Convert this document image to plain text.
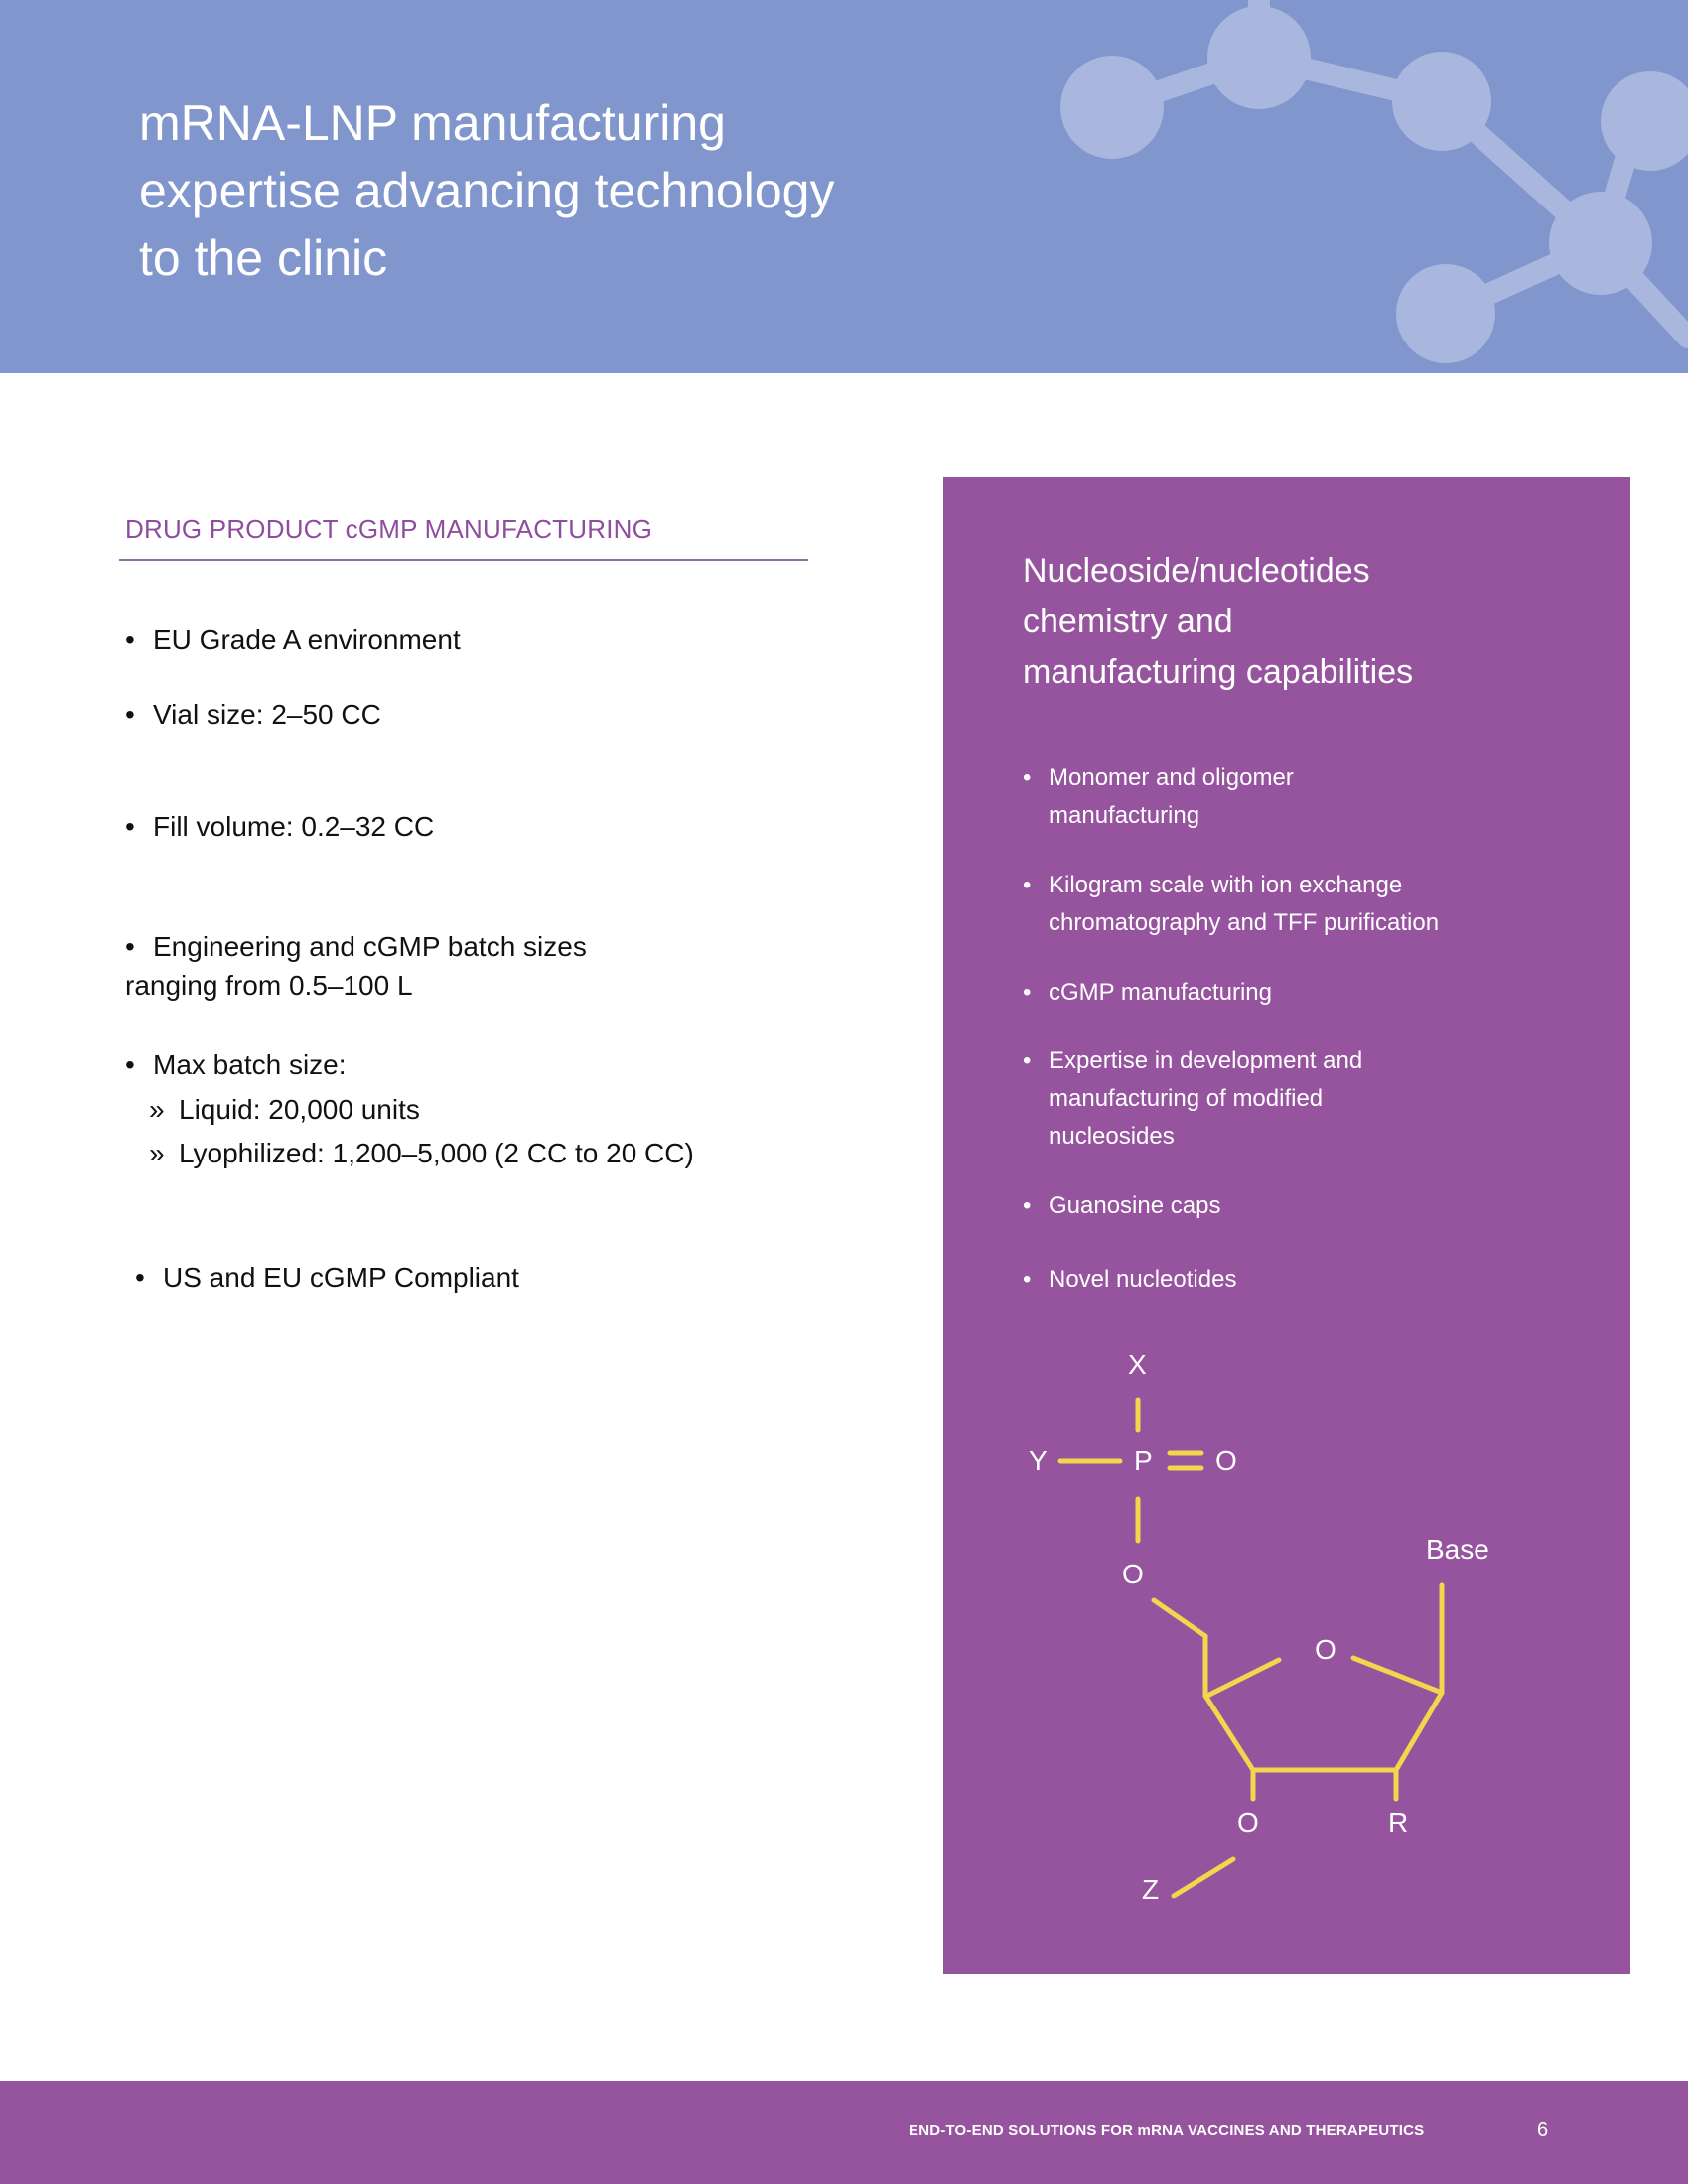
mRNA-LNP manufacturing
expertise advancing technology
to the clinic
DRUG PRODUCT cGMP MANUFACTURING
• EU Grade A environment
• Vial size: 2–50 CC
• Fill volume: 0.2–32 CC
• Engineering and cGMP batch sizes
ranging from 0.5–100 L
• Max batch size:
» Liquid: 20,000 units
» Lyophilized: 1,200–5,000 (2 CC to 20 CC)
• US and EU cGMP Compliant
Nucleoside/nucleotides
chemistry and
manufacturing capabilities
• Monomer and oligomer
manufacturing
• Kilogram scale with ion exchange
chromatography and TFF purification
• cGMP manufacturing
• Expertise in development and
manufacturing of modified
nucleosides
• Guanosine caps
• Novel nucleotides
X
Y	P O
O
Base
O
O	R
Z
END-TO-END SOLUTIONS FOR mRNA VACCINES AND THERAPEUTICS	6
